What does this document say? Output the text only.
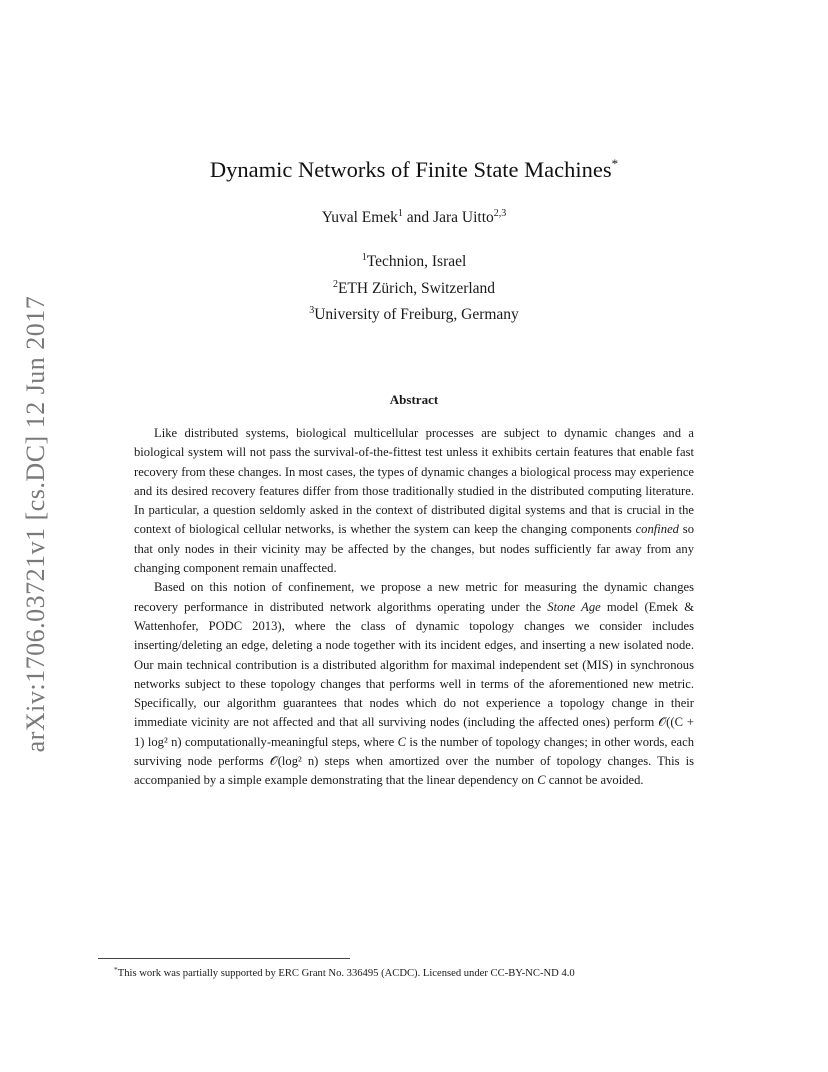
arXiv:1706.03721v1 [cs.DC] 12 Jun 2017
Dynamic Networks of Finite State Machines*
Yuval Emek$^1$ and Jara Uitto$^{2,3}$
$^1$Technion, Israel
$^2$ETH Zürich, Switzerland
$^3$University of Freiburg, Germany
Abstract

Like distributed systems, biological multicellular processes are subject to dynamic changes and a biological system will not pass the survival-of-the-fittest test unless it exhibits certain features that enable fast recovery from these changes. In most cases, the types of dynamic changes a biological process may experience and its desired recovery features differ from those traditionally studied in the distributed computing literature. In particular, a question seldomly asked in the context of distributed digital systems and that is crucial in the context of biological cellular networks, is whether the system can keep the changing components confined so that only nodes in their vicinity may be affected by the changes, but nodes sufficiently far away from any changing component remain unaffected.

Based on this notion of confinement, we propose a new metric for measuring the dynamic changes recovery performance in distributed network algorithms operating under the Stone Age model (Emek & Wattenhofer, PODC 2013), where the class of dynamic topology changes we consider includes inserting/deleting an edge, deleting a node together with its incident edges, and inserting a new isolated node. Our main technical contribution is a distributed algorithm for maximal independent set (MIS) in synchronous networks subject to these topology changes that performs well in terms of the aforementioned new metric. Specifically, our algorithm guarantees that nodes which do not experience a topology change in their immediate vicinity are not affected and that all surviving nodes (including the affected ones) perform 𝒪((C + 1) log² n) computationally-meaningful steps, where C is the number of topology changes; in other words, each surviving node performs 𝒪(log² n) steps when amortized over the number of topology changes. This is accompanied by a simple example demonstrating that the linear dependency on C cannot be avoided.

*This work was partially supported by ERC Grant No. 336495 (ACDC). Licensed under CC-BY-NC-ND 4.0
